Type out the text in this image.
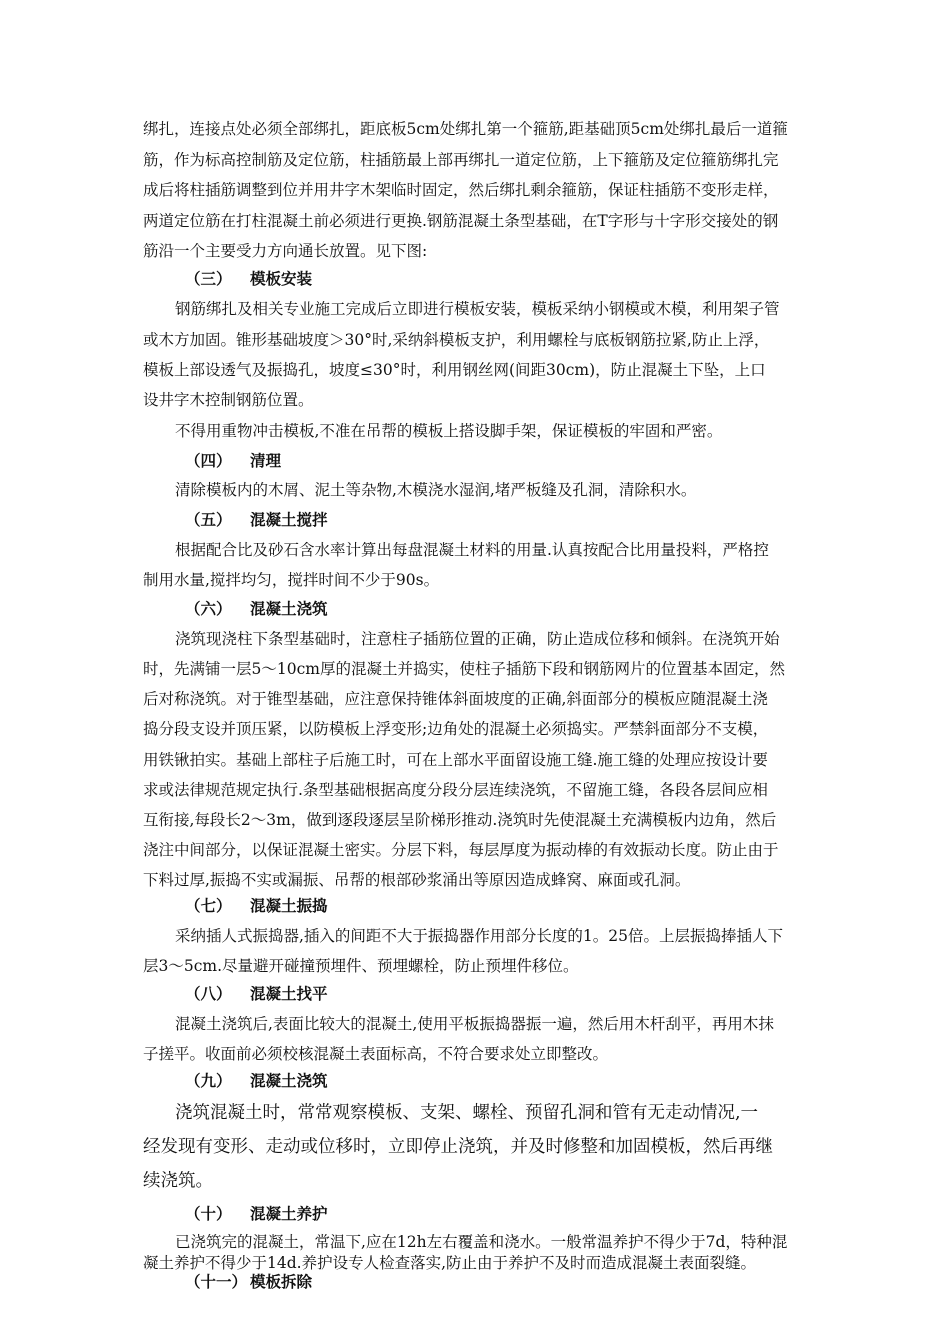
绑扎，连接点处必须全部绑扎，距底板5cm处绑扎第一个箍筋,距基础顶5cm处绑扎最后一道箍
筋，作为标高控制筋及定位筋，柱插筋最上部再绑扎一道定位筋，上下箍筋及定位箍筋绑扎完
成后将柱插筋调整到位并用井字木架临时固定，然后绑扎剩余箍筋，保证柱插筋不变形走样，
两道定位筋在打柱混凝土前必须进行更换.钢筋混凝土条型基础，在T字形与十字形交接处的钢
筋沿一个主要受力方向通长放置。见下图:
（三） 模板安装
钢筋绑扎及相关专业施工完成后立即进行模板安装，模板采纳小钢模或木模，利用架子管
或木方加固。锥形基础坡度＞30°时,采纳斜模板支护，利用螺栓与底板钢筋拉紧,防止上浮，
模板上部设透气及振捣孔，坡度≤30°时，利用钢丝网(间距30cm)，防止混凝土下坠，上口
设井字木控制钢筋位置。
不得用重物冲击模板,不准在吊帮的模板上搭设脚手架，保证模板的牢固和严密。
（四） 清理
清除模板内的木屑、泥土等杂物,木模浇水湿润,堵严板缝及孔洞，清除积水。
（五） 混凝土搅拌
根据配合比及砂石含水率计算出每盘混凝土材料的用量.认真按配合比用量投料，严格控
制用水量,搅拌均匀，搅拌时间不少于90s。
（六） 混凝土浇筑
浇筑现浇柱下条型基础时，注意柱子插筋位置的正确，防止造成位移和倾斜。在浇筑开始
时，先满铺一层5～10cm厚的混凝土并捣实，使柱子插筋下段和钢筋网片的位置基本固定，然
后对称浇筑。对于锥型基础，应注意保持锥体斜面坡度的正确,斜面部分的模板应随混凝土浇
捣分段支设并顶压紧，以防模板上浮变形;边角处的混凝土必须捣实。严禁斜面部分不支模，
用铁锹拍实。基础上部柱子后施工时，可在上部水平面留设施工缝.施工缝的处理应按设计要
求或法律规范规定执行.条型基础根据高度分段分层连续浇筑，不留施工缝，各段各层间应相
互衔接,每段长2～3m，做到逐段逐层呈阶梯形推动.浇筑时先使混凝土充满模板内边角，然后
浇注中间部分，以保证混凝土密实。分层下料，每层厚度为振动棒的有效振动长度。防止由于
下料过厚,振捣不实或漏振、吊帮的根部砂浆涌出等原因造成蜂窝、麻面或孔洞。
（七） 混凝土振捣
采纳插人式振捣器,插入的间距不大于振捣器作用部分长度的1。25倍。上层振捣捧插人下
层3～5cm.尽量避开碰撞预埋件、预埋螺栓，防止预埋件移位。
（八） 混凝土找平
混凝土浇筑后,表面比较大的混凝土,使用平板振捣器振一遍，然后用木杆刮平，再用木抹
子搓平。收面前必须校核混凝土表面标高，不符合要求处立即整改。
（九） 混凝土浇筑
浇筑混凝土时，常常观察模板、支架、螺栓、预留孔洞和管有无走动情况,一
经发现有变形、走动或位移时，立即停止浇筑，并及时修整和加固模板，然后再继
续浇筑。
（十） 混凝土养护
已浇筑完的混凝土，常温下,应在12h左右覆盖和浇水。一般常温养护不得少于7d，特种混
凝土养护不得少于14d.养护设专人检查落实,防止由于养护不及时而造成混凝土表面裂缝。
（十一） 模板拆除
